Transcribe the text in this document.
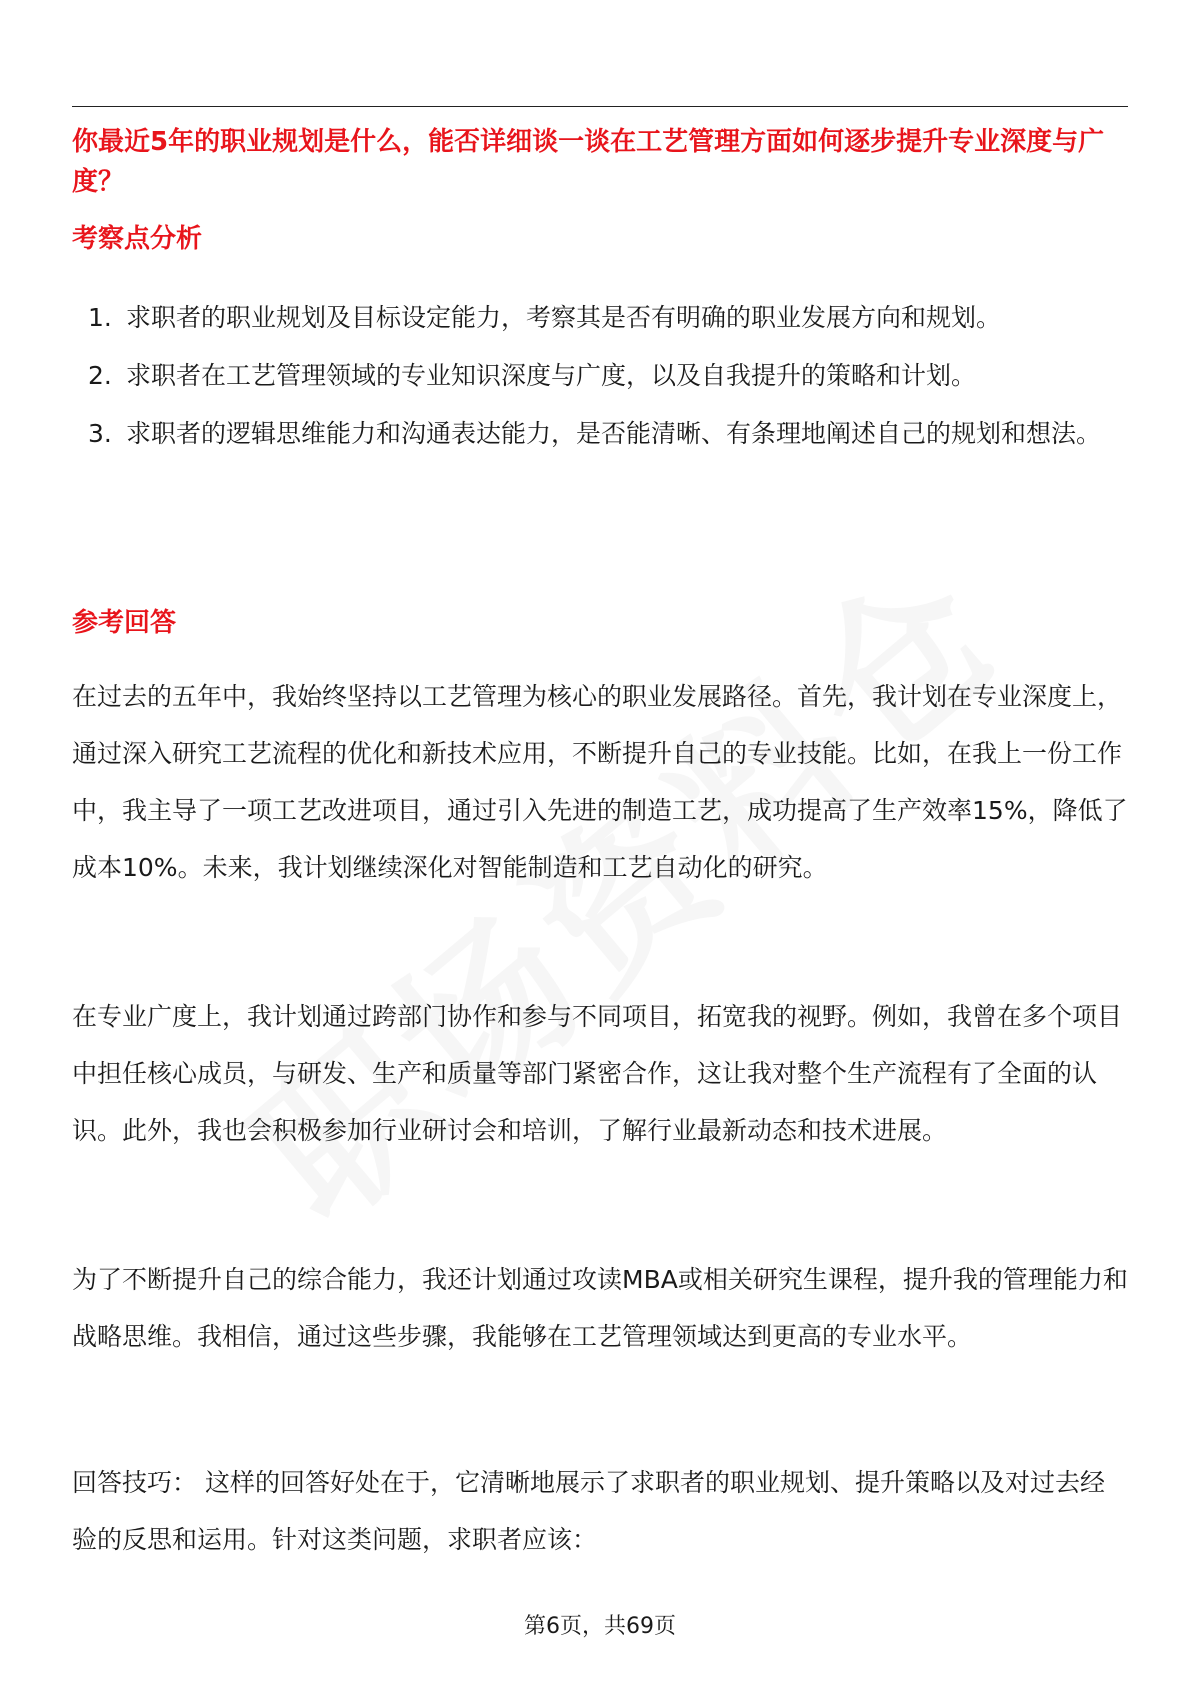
你最近5年的职业规划是什么，能否详细谈一谈在工艺管理方面如何逐步提升专业深度与广度？
考察点分析
1. 求职者的职业规划及目标设定能力，考察其是否有明确的职业发展方向和规划。
2. 求职者在工艺管理领域的专业知识深度与广度，以及自我提升的策略和计划。
3. 求职者的逻辑思维能力和沟通表达能力，是否能清晰、有条理地阐述自己的规划和想法。
参考回答

在过去的五年中，我始终坚持以工艺管理为核心的职业发展路径。首先，我计划在专业深度上，通过深入研究工艺流程的优化和新技术应用，不断提升自己的专业技能。比如，在我上一份工作中，我主导了一项工艺改进项目，通过引入先进的制造工艺，成功提高了生产效率15%，降低了成本10%。未来，我计划继续深化对智能制造和工艺自动化的研究。

在专业广度上，我计划通过跨部门协作和参与不同项目，拓宽我的视野。例如，我曾在多个项目中担任核心成员，与研发、生产和质量等部门紧密合作，这让我对整个生产流程有了全面的认识。此外，我也会积极参加行业研讨会和培训，了解行业最新动态和技术进展。

为了不断提升自己的综合能力，我还计划通过攻读MBA或相关研究生课程，提升我的管理能力和战略思维。我相信，通过这些步骤，我能够在工艺管理领域达到更高的专业水平。

回答技巧： 这样的回答好处在于，它清晰地展示了求职者的职业规划、提升策略以及对过去经验的反思和运用。针对这类问题，求职者应该：

第6页，共69页
